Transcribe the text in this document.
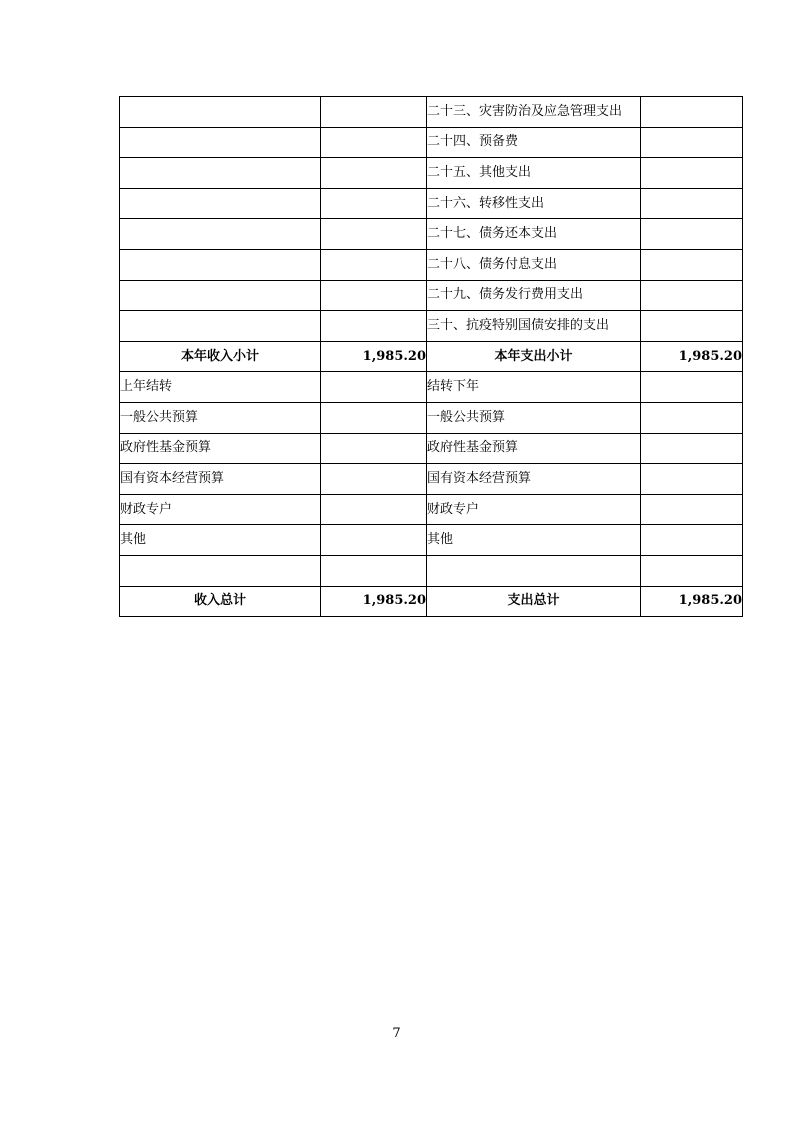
		二十三、灾害防治及应急管理支出	
		二十四、预备费	
		二十五、其他支出	
		二十六、转移性支出	
		二十七、债务还本支出	
		二十八、债务付息支出	
		二十九、债务发行费用支出	
		三十、抗疫特别国债安排的支出	
本年收入小计	1,985.20	本年支出小计	1,985.20
上年结转		结转下年	
一般公共预算		一般公共预算	
政府性基金预算		政府性基金预算	
国有资本经营预算		国有资本经营预算	
财政专户		财政专户	
其他		其他	

收入总计	1,985.20	支出总计	1,985.20
7
